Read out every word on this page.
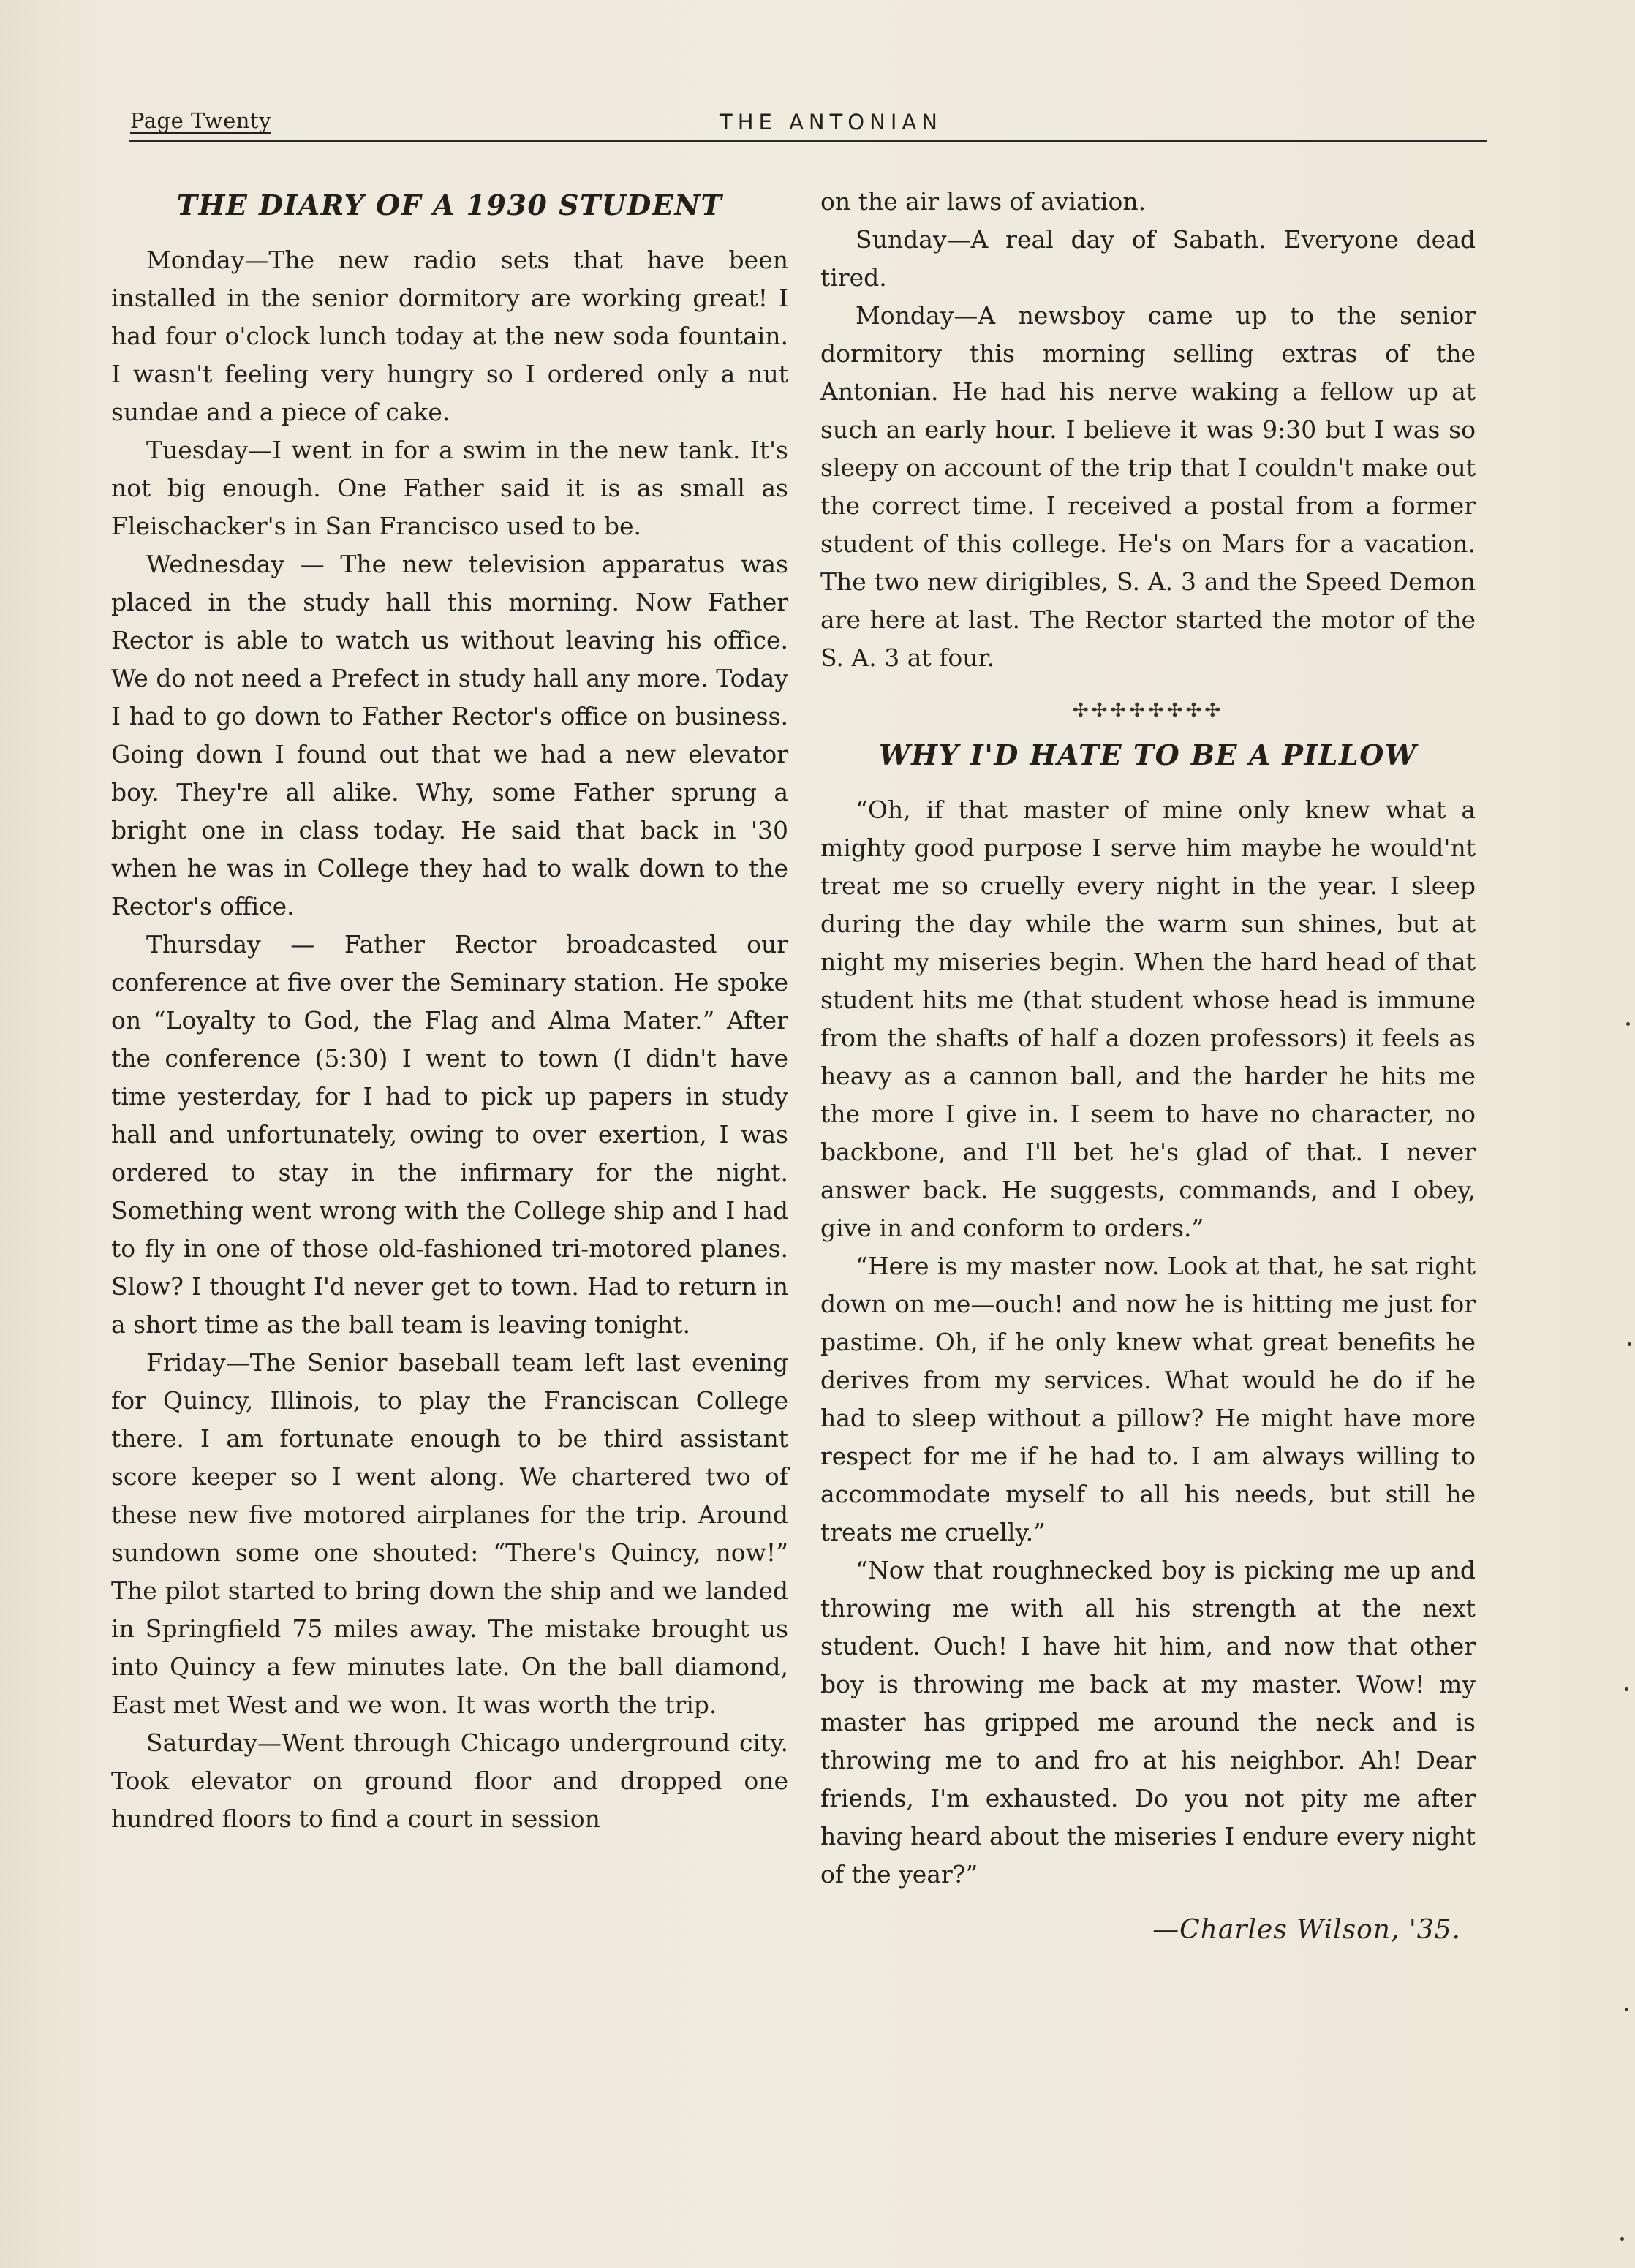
Page Twenty	THE ANTONIAN
THE DIARY OF A 1930 STUDENT

Monday—The new radio sets that have been installed in the senior dormitory are working great! I had four o'clock lunch today at the new soda fountain. I wasn't feeling very hungry so I ordered only a nut sundae and a piece of cake.

Tuesday—I went in for a swim in the new tank. It's not big enough. One Father said it is as small as Fleischacker's in San Francisco used to be.

Wednesday — The new television apparatus was placed in the study hall this morning. Now Father Rector is able to watch us without leaving his office. We do not need a Prefect in study hall any more. Today I had to go down to Father Rector's office on business. Going down I found out that we had a new elevator boy. They're all alike. Why, some Father sprung a bright one in class today. He said that back in '30 when he was in College they had to walk down to the Rector's office.

Thursday — Father Rector broadcasted our conference at five over the Seminary station. He spoke on “Loyalty to God, the Flag and Alma Mater.” After the conference (5:30) I went to town (I didn't have time yesterday, for I had to pick up papers in study hall and unfortunately, owing to over exertion, I was ordered to stay in the infirmary for the night. Something went wrong with the College ship and I had to fly in one of those old-fashioned tri-motored planes. Slow? I thought I'd never get to town. Had to return in a short time as the ball team is leaving tonight.

Friday—The Senior baseball team left last evening for Quincy, Illinois, to play the Franciscan College there. I am fortunate enough to be third assistant score keeper so I went along. We chartered two of these new five motored airplanes for the trip. Around sundown some one shouted: “There's Quincy, now!” The pilot started to bring down the ship and we landed in Springfield 75 miles away. The mistake brought us into Quincy a few minutes late. On the ball diamond, East met West and we won. It was worth the trip.

Saturday—Went through Chicago underground city. Took elevator on ground floor and dropped one hundred floors to find a court in session

on the air laws of aviation.

Sunday—A real day of Sabath. Everyone dead tired.

Monday—A newsboy came up to the senior dormitory this morning selling extras of the Antonian. He had his nerve waking a fellow up at such an early hour. I believe it was 9:30 but I was so sleepy on account of the trip that I couldn't make out the correct time. I received a postal from a former student of this college. He's on Mars for a vacation. The two new dirigibles, S. A. 3 and the Speed Demon are here at last. The Rector started the motor of the S. A. 3 at four.

✣✣✣✣✣✣✣✣
WHY I'D HATE TO BE A PILLOW

“Oh, if that master of mine only knew what a mighty good purpose I serve him maybe he would'nt treat me so cruelly every night in the year. I sleep during the day while the warm sun shines, but at night my miseries begin. When the hard head of that student hits me (that student whose head is immune from the shafts of half a dozen professors) it feels as heavy as a cannon ball, and the harder he hits me the more I give in. I seem to have no character, no backbone, and I'll bet he's glad of that. I never answer back. He suggests, commands, and I obey, give in and conform to orders.”

“Here is my master now. Look at that, he sat right down on me—ouch! and now he is hitting me just for pastime. Oh, if he only knew what great benefits he derives from my services. What would he do if he had to sleep without a pillow? He might have more respect for me if he had to. I am always willing to accommodate myself to all his needs, but still he treats me cruelly.”

“Now that roughnecked boy is picking me up and throwing me with all his strength at the next student. Ouch! I have hit him, and now that other boy is throwing me back at my master. Wow! my master has gripped me around the neck and is throwing me to and fro at his neighbor. Ah! Dear friends, I'm exhausted. Do you not pity me after having heard about the miseries I endure every night of the year?”

—Charles Wilson, '35.
